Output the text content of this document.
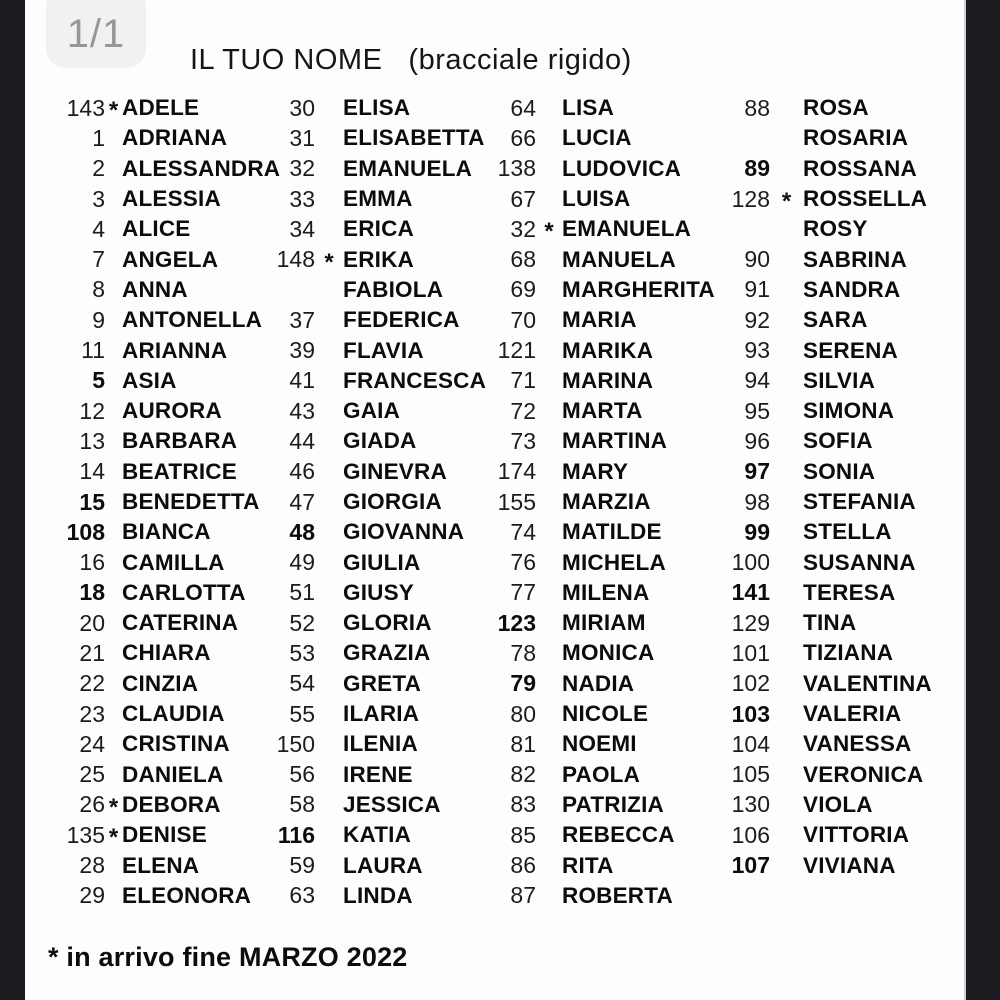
1/1
IL TUO NOME (bracciale rigido)
143 * ADELE
1 ADRIANA
2 ALESSANDRA
3 ALESSIA
4 ALICE
7 ANGELA
8 ANNA
9 ANTONELLA
11 ARIANNA
5 ASIA
12 AURORA
13 BARBARA
14 BEATRICE
15 BENEDETTA
108 BIANCA
16 CAMILLA
18 CARLOTTA
20 CATERINA
21 CHIARA
22 CINZIA
23 CLAUDIA
24 CRISTINA
25 DANIELA
26 * DEBORA
135 * DENISE
28 ELENA
29 ELEONORA
30 ELISA
31 ELISABETTA
32 EMANUELA
33 EMMA
34 ERICA
148 * ERIKA
FABIOLA
37 FEDERICA
39 FLAVIA
41 FRANCESCA
43 GAIA
44 GIADA
46 GINEVRA
47 GIORGIA
48 GIOVANNA
49 GIULIA
51 GIUSY
52 GLORIA
53 GRAZIA
54 GRETA
55 ILARIA
150 ILENIA
56 IRENE
58 JESSICA
116 KATIA
59 LAURA
63 LINDA
64 LISA
66 LUCIA
138 LUDOVICA
67 LUISA
32 * EMANUELA
68 MANUELA
69 MARGHERITA
70 MARIA
121 MARIKA
71 MARINA
72 MARTA
73 MARTINA
174 MARY
155 MARZIA
74 MATILDE
76 MICHELA
77 MILENA
123 MIRIAM
78 MONICA
79 NADIA
80 NICOLE
81 NOEMI
82 PAOLA
83 PATRIZIA
85 REBECCA
86 RITA
87 ROBERTA
88 ROSA
ROSARIA
89 ROSSANA
128 * ROSSELLA
ROSY
90 SABRINA
91 SANDRA
92 SARA
93 SERENA
94 SILVIA
95 SIMONA
96 SOFIA
97 SONIA
98 STEFANIA
99 STELLA
100 SUSANNA
141 TERESA
129 TINA
101 TIZIANA
102 VALENTINA
103 VALERIA
104 VANESSA
105 VERONICA
130 VIOLA
106 VITTORIA
107 VIVIANA
* in arrivo fine MARZO 2022
